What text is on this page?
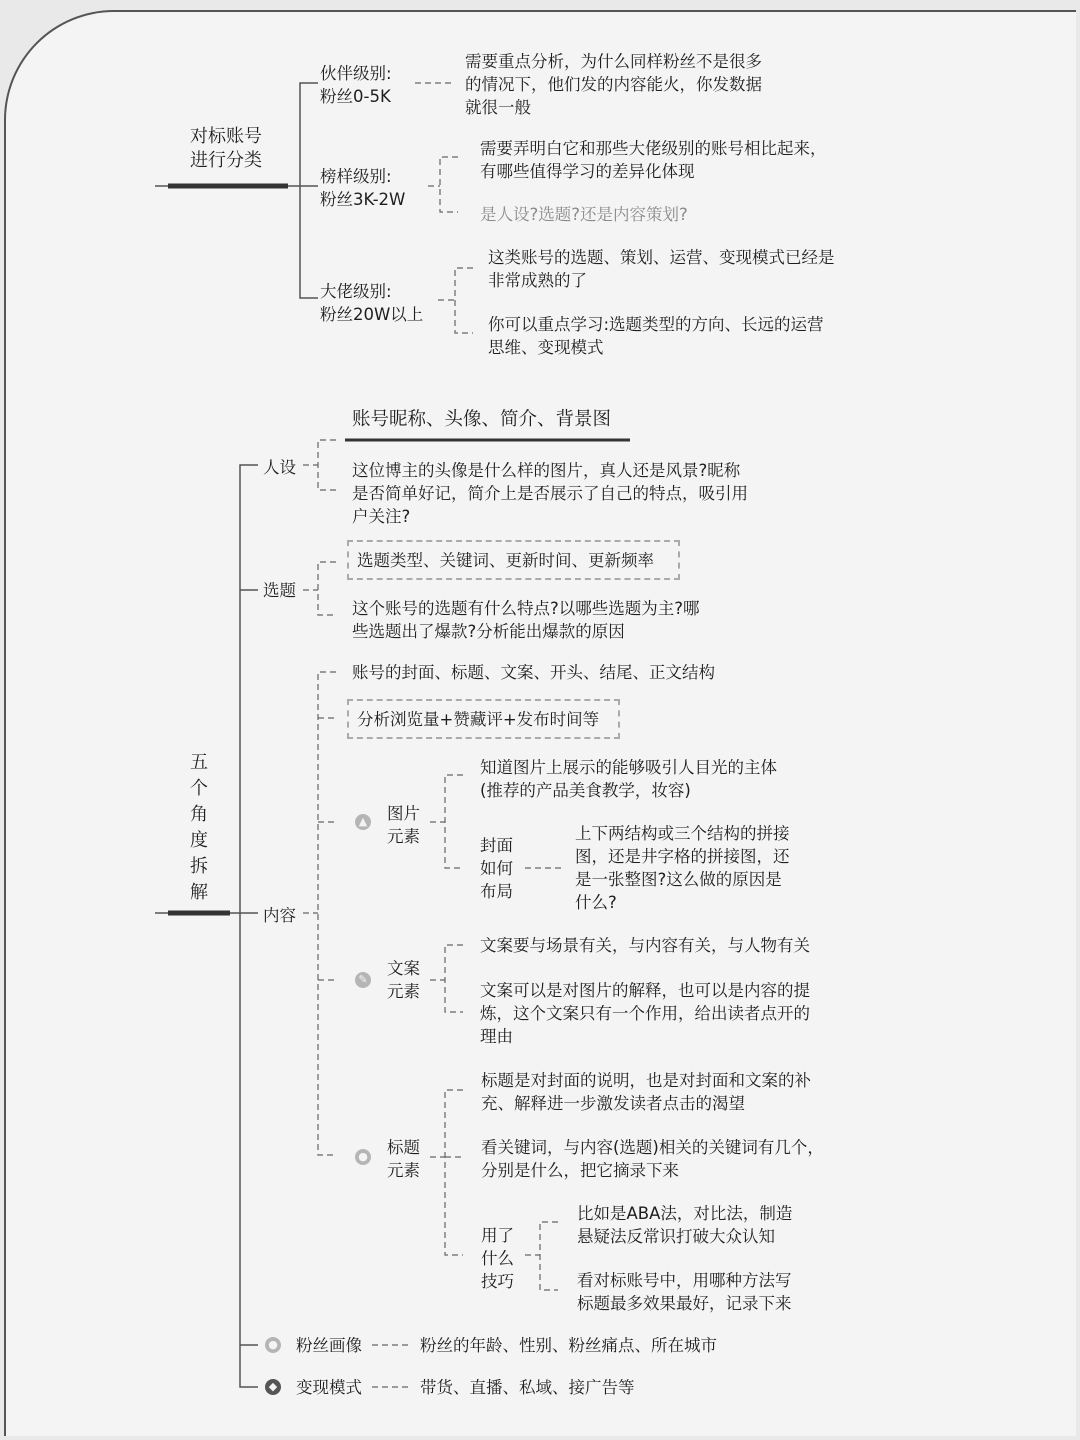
对标账号
进行分类
伙伴级别:
粉丝0-5K
需要重点分析，为什么同样粉丝不是很多
的情况下，他们发的内容能火，你发数据
就很一般
榜样级别:
粉丝3K-2W
需要弄明白它和那些大佬级别的账号相比起来，
有哪些值得学习的差异化体现
是人设?选题?还是内容策划?
大佬级别:
粉丝20W以上
这类账号的选题、策划、运营、变现模式已经是
非常成熟的了
你可以重点学习:选题类型的方向、长远的运营
思维、变现模式
五
个
角
度
拆
解
人设
账号昵称、头像、简介、背景图
这位博主的头像是什么样的图片，真人还是风景?昵称
是否简单好记，简介上是否展示了自己的特点，吸引用
户关注?
选题
选题类型、关键词、更新时间、更新频率
这个账号的选题有什么特点?以哪些选题为主?哪
些选题出了爆款?分析能出爆款的原因
内容
账号的封面、标题、文案、开头、结尾、正文结构
分析浏览量+赞藏评+发布时间等
▲ 图片
元素
知道图片上展示的能够吸引人目光的主体
(推荐的产品美食教学，妆容)
封面
如何
布局
上下两结构或三个结构的拼接
图，还是井字格的拼接图，还
是一张整图?这么做的原因是
什么?
✎
文案
元素
文案要与场景有关，与内容有关，与人物有关
文案可以是对图片的解释，也可以是内容的提
炼，这个文案只有一个作用，给出读者点开的
理由
● 标题
元素
标题是对封面的说明，也是对封面和文案的补
充、解释进一步激发读者点击的渴望
看关键词，与内容(选题)相关的关键词有几个，
分别是什么，把它摘录下来
用了
什么
技巧
比如是ABA法，对比法，制造
悬疑法反常识打破大众认知
看对标账号中，用哪种方法写
标题最多效果最好，记录下来
● 粉丝画像	粉丝的年龄、性别、粉丝痛点、所在城市
◆ 变现模式	带货、直播、私域、接广告等
